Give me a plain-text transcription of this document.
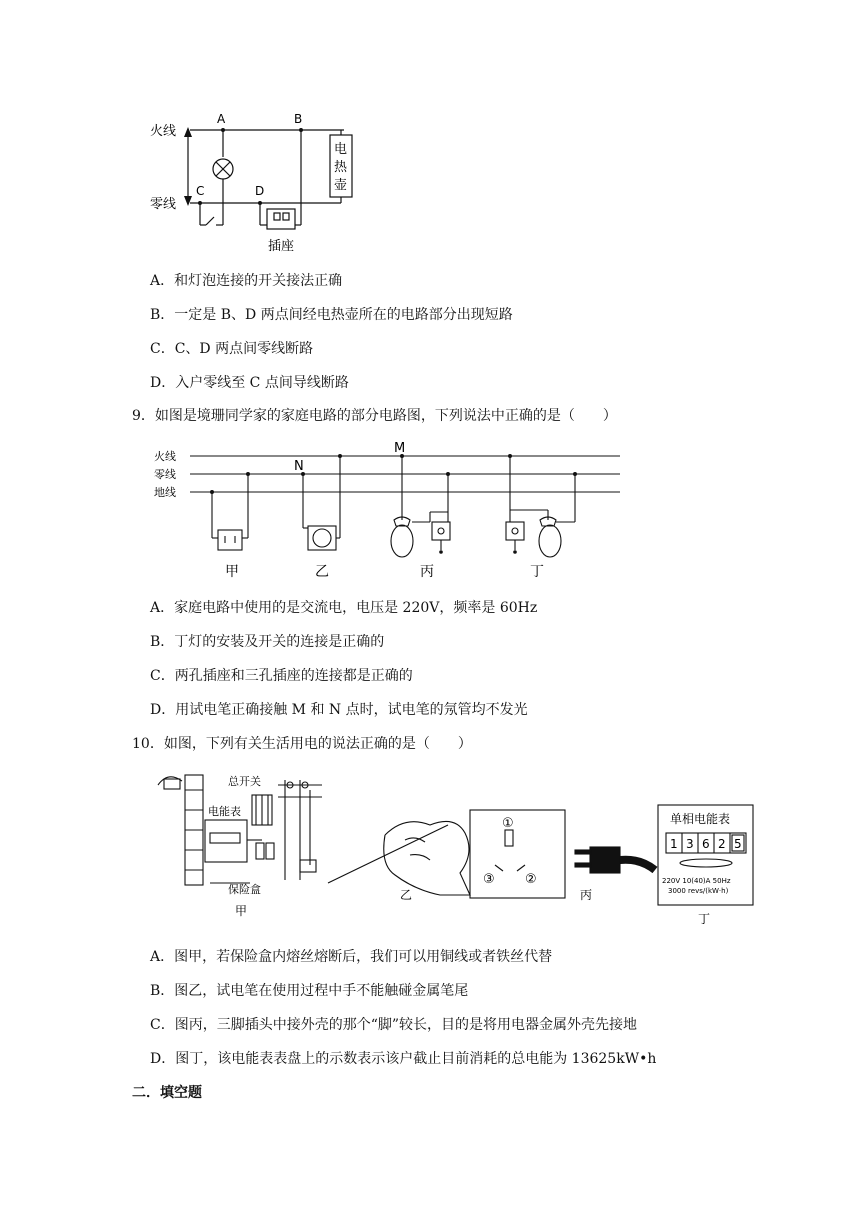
火线
零线
A	B
C	D
电
热
壶
插座
A．和灯泡连接的开关接法正确
B．一定是 B、D 两点间经电热壶所在的电路部分出现短路
C．C、D 两点间零线断路
D．入户零线至 C 点间导线断路
9．如图是境珊同学家的家庭电路的部分电路图，下列说法中正确的是（　　）
火线
零线
地线
M
N
甲	乙	丙	丁
A．家庭电路中使用的是交流电，电压是 220V，频率是 60Hz
B．丁灯的安装及开关的连接是正确的
C．两孔插座和三孔插座的连接都是正确的
D．用试电笔正确接触 M 和 N 点时，试电笔的氖管均不发光
10．如图，下列有关生活用电的说法正确的是（　　）
总开关
电能表
保险盒
甲
乙
①
③ ②
丙
单相电能表
1 3 6 2 5
220V 10(40)A 50Hz
3000 revs/(kW·h)
丁
A．图甲，若保险盒内熔丝熔断后，我们可以用铜线或者铁丝代替
B．图乙，试电笔在使用过程中手不能触碰金属笔尾
C．图丙，三脚插头中接外壳的那个“脚”较长，目的是将用电器金属外壳先接地
D．图丁，该电能表表盘上的示数表示该户截止目前消耗的总电能为 13625kW•h
二．填空题
